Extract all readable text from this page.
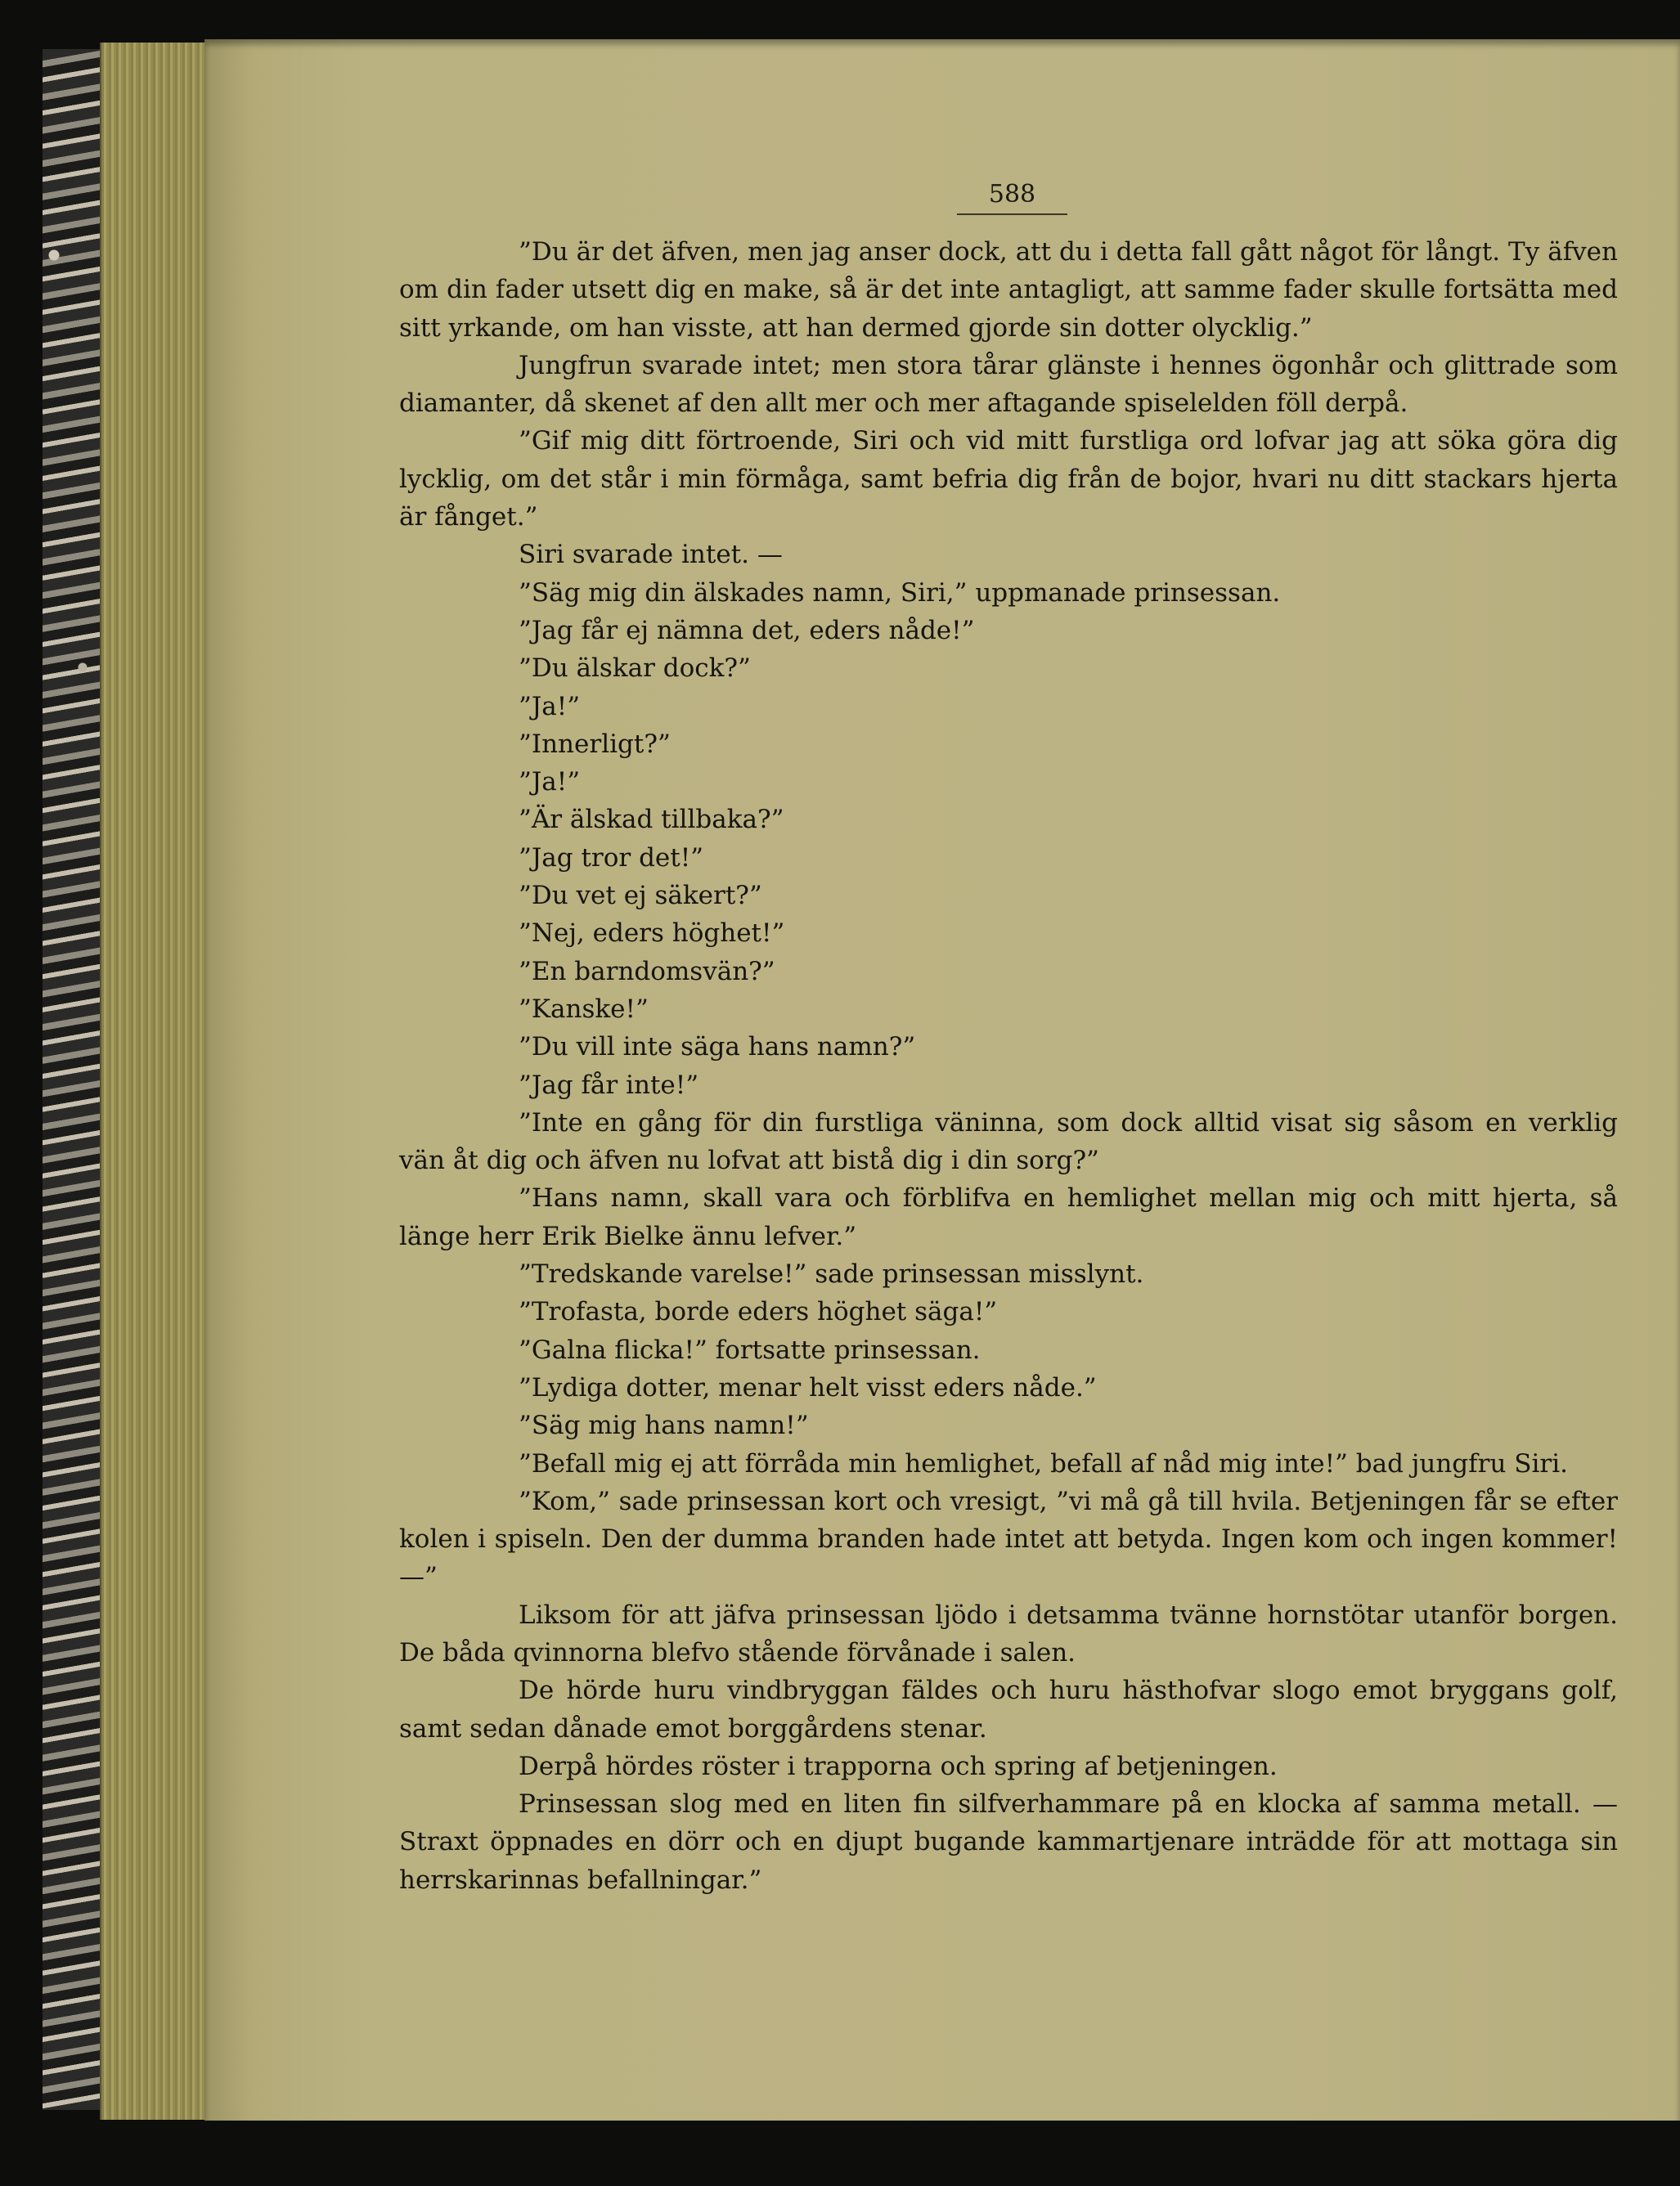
588

”Du är det äfven, men jag anser dock, att du i detta fall gått något för långt. Ty äfven om din fader utsett dig en make, så är det inte antagligt, att samme fader skulle fortsätta med sitt yrkande, om han visste, att han dermed gjorde sin dotter olycklig.”

Jungfrun svarade intet; men stora tårar glänste i hennes ögonhår och glittrade som diamanter, då skenet af den allt mer och mer aftagande spiselelden föll derpå.

”Gif mig ditt förtroende, Siri och vid mitt furstliga ord lofvar jag att söka göra dig lycklig, om det står i min förmåga, samt befria dig från de bojor, hvari nu ditt stackars hjerta är fånget.”

Siri svarade intet. —

”Säg mig din älskades namn, Siri,” uppmanade prinsessan.

”Jag får ej nämna det, eders nåde!”

”Du älskar dock?”

”Ja!”

”Innerligt?”

”Ja!”

”Är älskad tillbaka?”

”Jag tror det!”

”Du vet ej säkert?”

”Nej, eders höghet!”

”En barndomsvän?”

”Kanske!”

”Du vill inte säga hans namn?”

”Jag får inte!”

”Inte en gång för din furstliga väninna, som dock alltid visat sig såsom en verklig vän åt dig och äfven nu lofvat att bistå dig i din sorg?”

”Hans namn, skall vara och förblifva en hemlighet mellan mig och mitt hjerta, så länge herr Erik Bielke ännu lefver.”

”Tredskande varelse!” sade prinsessan misslynt.

”Trofasta, borde eders höghet säga!”

”Galna flicka!” fortsatte prinsessan.

”Lydiga dotter, menar helt visst eders nåde.”

”Säg mig hans namn!”

”Befall mig ej att förråda min hemlighet, befall af nåd mig inte!” bad jungfru Siri.

”Kom,” sade prinsessan kort och vresigt, ”vi må gå till hvila. Betjeningen får se efter kolen i spiseln. Den der dumma branden hade intet att betyda. Ingen kom och ingen kommer! —”

Liksom för att jäfva prinsessan ljödo i detsamma tvänne hornstötar utanför borgen. De båda qvinnorna blefvo stående förvånade i salen.

De hörde huru vindbryggan fäldes och huru hästhofvar slogo emot bryggans golf, samt sedan dånade emot borggårdens stenar.

Derpå hördes röster i trapporna och spring af betjeningen.

Prinsessan slog med en liten fin silfverhammare på en klocka af samma metall. — Straxt öppnades en dörr och en djupt bugande kammartjenare inträdde för att mottaga sin herrskarinnas befallningar.”
